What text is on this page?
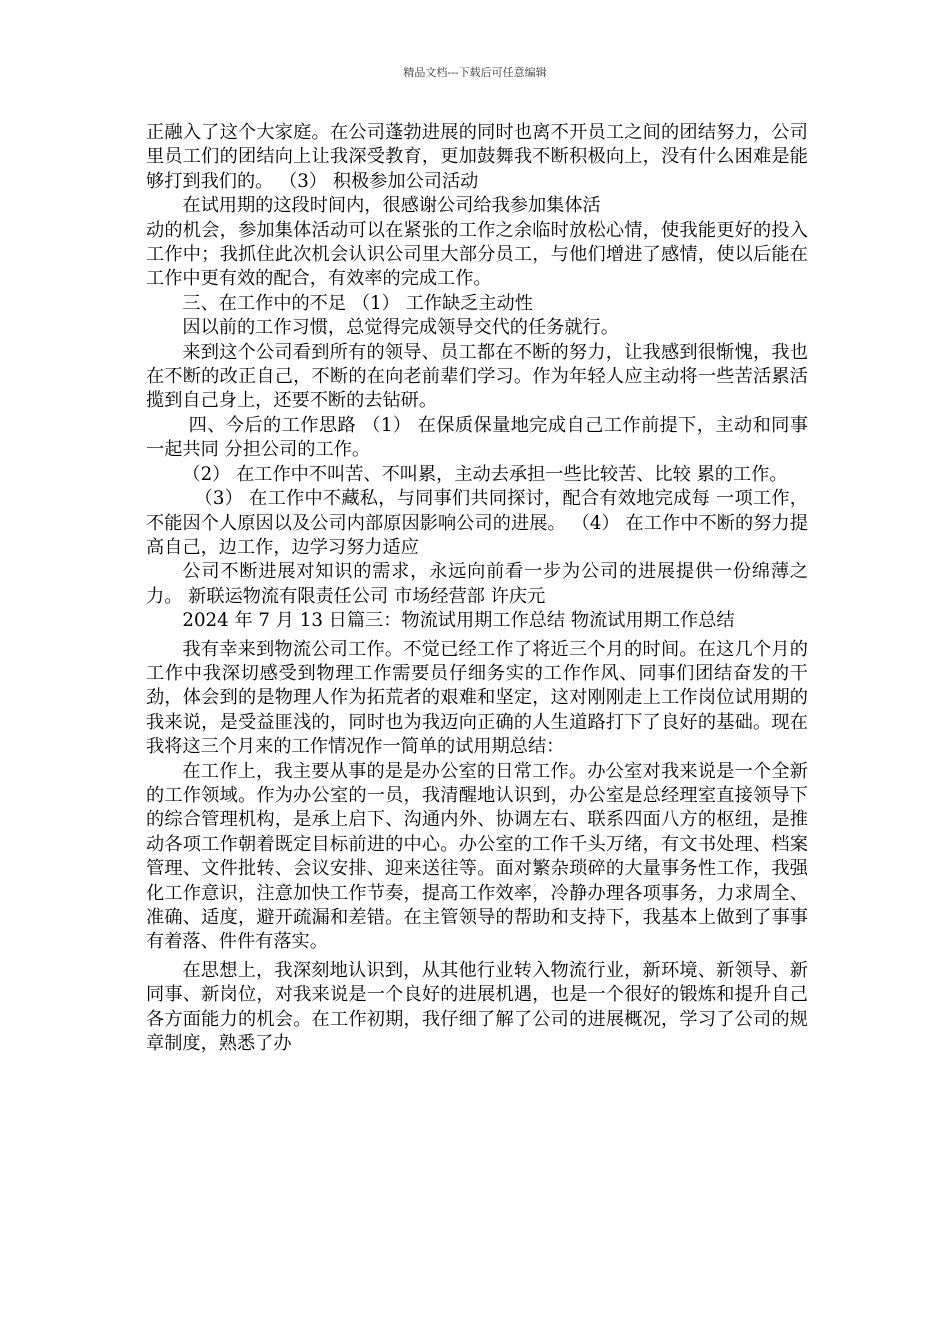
精品文档---下载后可任意编辑

正融入了这个大家庭。在公司蓬勃进展的同时也离不开员工之间的团结努力，公司里员工们的团结向上让我深受教育，更加鼓舞我不断积极向上，没有什么困难是能够打到我们的。 （3） 积极参加公司活动

在试用期的这段时间内，很感谢公司给我参加集体活

动的机会，参加集体活动可以在紧张的工作之余临时放松心情，使我能更好的投入工作中；我抓住此次机会认识公司里大部分员工，与他们增进了感情，使以后能在工作中更有效的配合，有效率的完成工作。

三、在工作中的不足 （1） 工作缺乏主动性

因以前的工作习惯，总觉得完成领导交代的任务就行。

来到这个公司看到所有的领导、员工都在不断的努力，让我感到很惭愧，我也在不断的改正自己，不断的在向老前辈们学习。作为年轻人应主动将一些苦活累活揽到自己身上，还要不断的去钻研。

四、今后的工作思路 （1） 在保质保量地完成自己工作前提下，主动和同事一起共同 分担公司的工作。

（2） 在工作中不叫苦、不叫累，主动去承担一些比较苦、比较 累的工作。

（3） 在工作中不藏私，与同事们共同探讨，配合有效地完成每 一项工作，不能因个人原因以及公司内部原因影响公司的进展。 （4） 在工作中不断的努力提高自己，边工作，边学习努力适应

公司不断进展对知识的需求，永远向前看一步为公司的进展提供一份绵薄之力。 新联运物流有限责任公司 市场经营部 许庆元

2024 年 7 月 13 日篇三：物流试用期工作总结 物流试用期工作总结

我有幸来到物流公司工作。不觉已经工作了将近三个月的时间。在这几个月的工作中我深切感受到物理工作需要员仔细务实的工作作风、同事们团结奋发的干劲，体会到的是物理人作为拓荒者的艰难和坚定，这对刚刚走上工作岗位试用期的我来说，是受益匪浅的，同时也为我迈向正确的人生道路打下了良好的基础。现在我将这三个月来的工作情况作一简单的试用期总结：

在工作上，我主要从事的是是办公室的日常工作。办公室对我来说是一个全新的工作领域。作为办公室的一员，我清醒地认识到，办公室是总经理室直接领导下的综合管理机构，是承上启下、沟通内外、协调左右、联系四面八方的枢纽，是推动各项工作朝着既定目标前进的中心。办公室的工作千头万绪，有文书处理、档案管理、文件批转、会议安排、迎来送往等。面对繁杂琐碎的大量事务性工作，我强化工作意识，注意加快工作节奏，提高工作效率，冷静办理各项事务，力求周全、准确、适度，避开疏漏和差错。在主管领导的帮助和支持下，我基本上做到了事事有着落、件件有落实。

在思想上，我深刻地认识到，从其他行业转入物流行业，新环境、新领导、新同事、新岗位，对我来说是一个良好的进展机遇，也是一个很好的锻炼和提升自己各方面能力的机会。在工作初期，我仔细了解了公司的进展概况，学习了公司的规章制度，熟悉了办
